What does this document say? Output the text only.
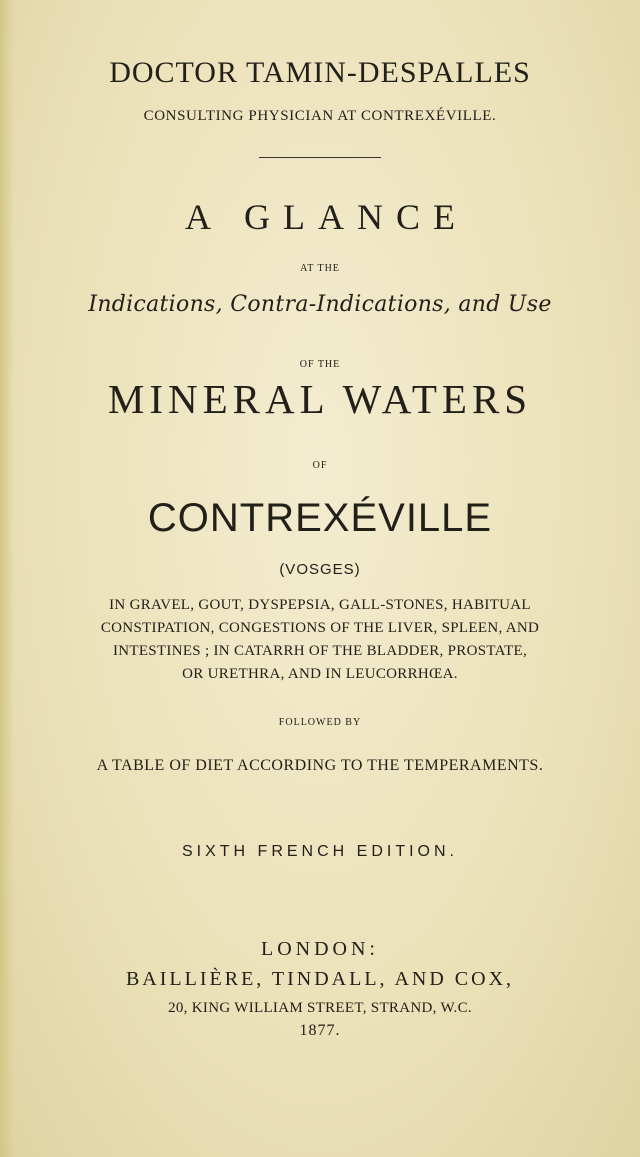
DOCTOR TAMIN-DESPALLES
CONSULTING PHYSICIAN AT CONTREXÉVILLE.
A GLANCE
AT THE
Indications, Contra-Indications, and Use
OF THE
MINERAL WATERS
OF
CONTREXÉVILLE
(VOSGES)
IN GRAVEL, GOUT, DYSPEPSIA, GALL-STONES, HABITUAL
CONSTIPATION, CONGESTIONS OF THE LIVER, SPLEEN, AND
INTESTINES ; IN CATARRH OF THE BLADDER, PROSTATE,
OR URETHRA, AND IN LEUCORRHŒA.
FOLLOWED BY
A TABLE OF DIET ACCORDING TO THE TEMPERAMENTS.
SIXTH FRENCH EDITION.
LONDON:
BAILLIÈRE, TINDALL, AND COX,
20, KING WILLIAM STREET, STRAND, W.C.
1877.
